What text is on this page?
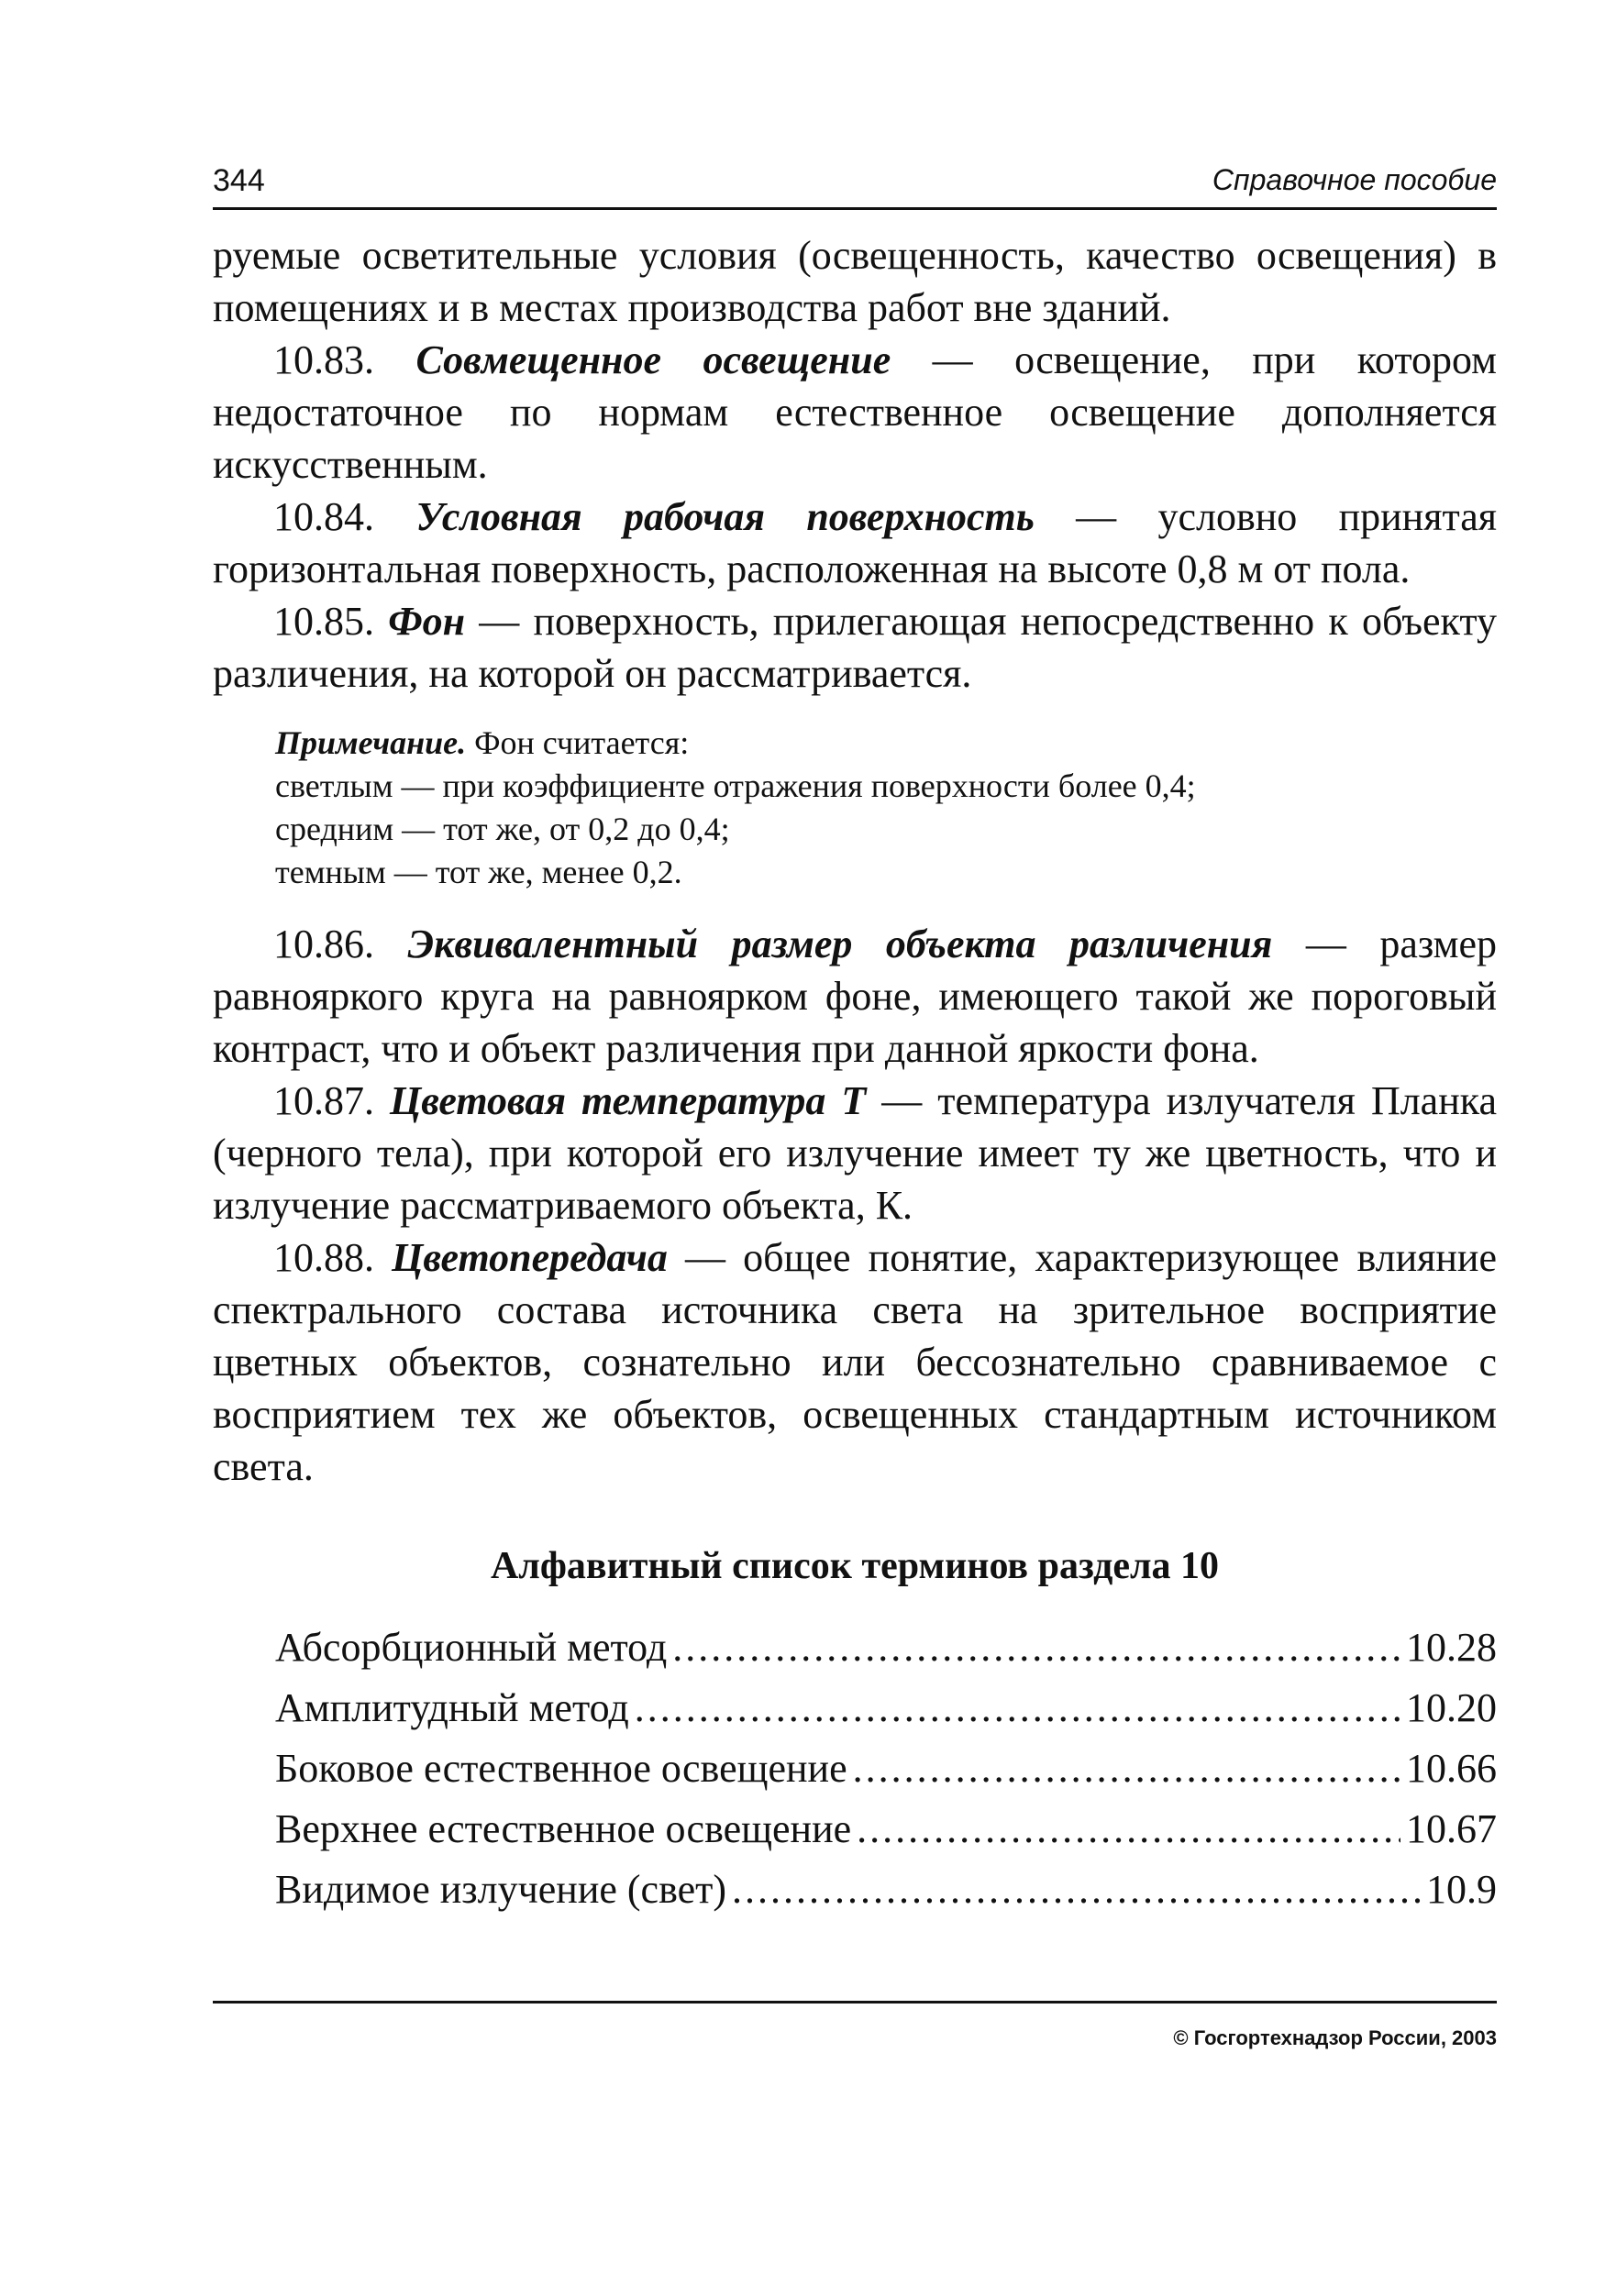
344	Справочное пособие

руемые осветительные условия (освещенность, качество освещения) в помещениях и в местах производства работ вне зданий.

10.83. Совмещенное освещение — освещение, при котором недостаточное по нормам естественное освещение дополняется искусственным.

10.84. Условная рабочая поверхность — условно принятая горизонтальная поверхность, расположенная на высоте 0,8 м от пола.

10.85. Фон — поверхность, прилегающая непосредственно к объекту различения, на которой он рассматривается.

Примечание. Фон считается:

светлым — при коэффициенте отражения поверхности более 0,4;

средним — тот же, от 0,2 до 0,4;

темным — тот же, менее 0,2.

10.86. Эквивалентный размер объекта различения — размер равнояркого круга на равноярком фоне, имеющего такой же пороговый контраст, что и объект различения при данной яркости фона.

10.87. Цветовая температура T — температура излучателя Планка (черного тела), при которой его излучение имеет ту же цветность, что и излучение рассматриваемого объекта, К.

10.88. Цветопередача — общее понятие, характеризующее влияние спектрального состава источника света на зрительное восприятие цветных объектов, сознательно или бессознательно сравниваемое с восприятием тех же объектов, освещенных стандартным источником света.

Алфавитный список терминов раздела 10
Абсорбционный метод .....	10.28
Амплитудный метод .....	10.20
Боковое естественное освещение .....	10.66
Верхнее естественное освещение .....	10.67
Видимое излучение (свет) .....	10.9
© Госгортехнадзор России, 2003
